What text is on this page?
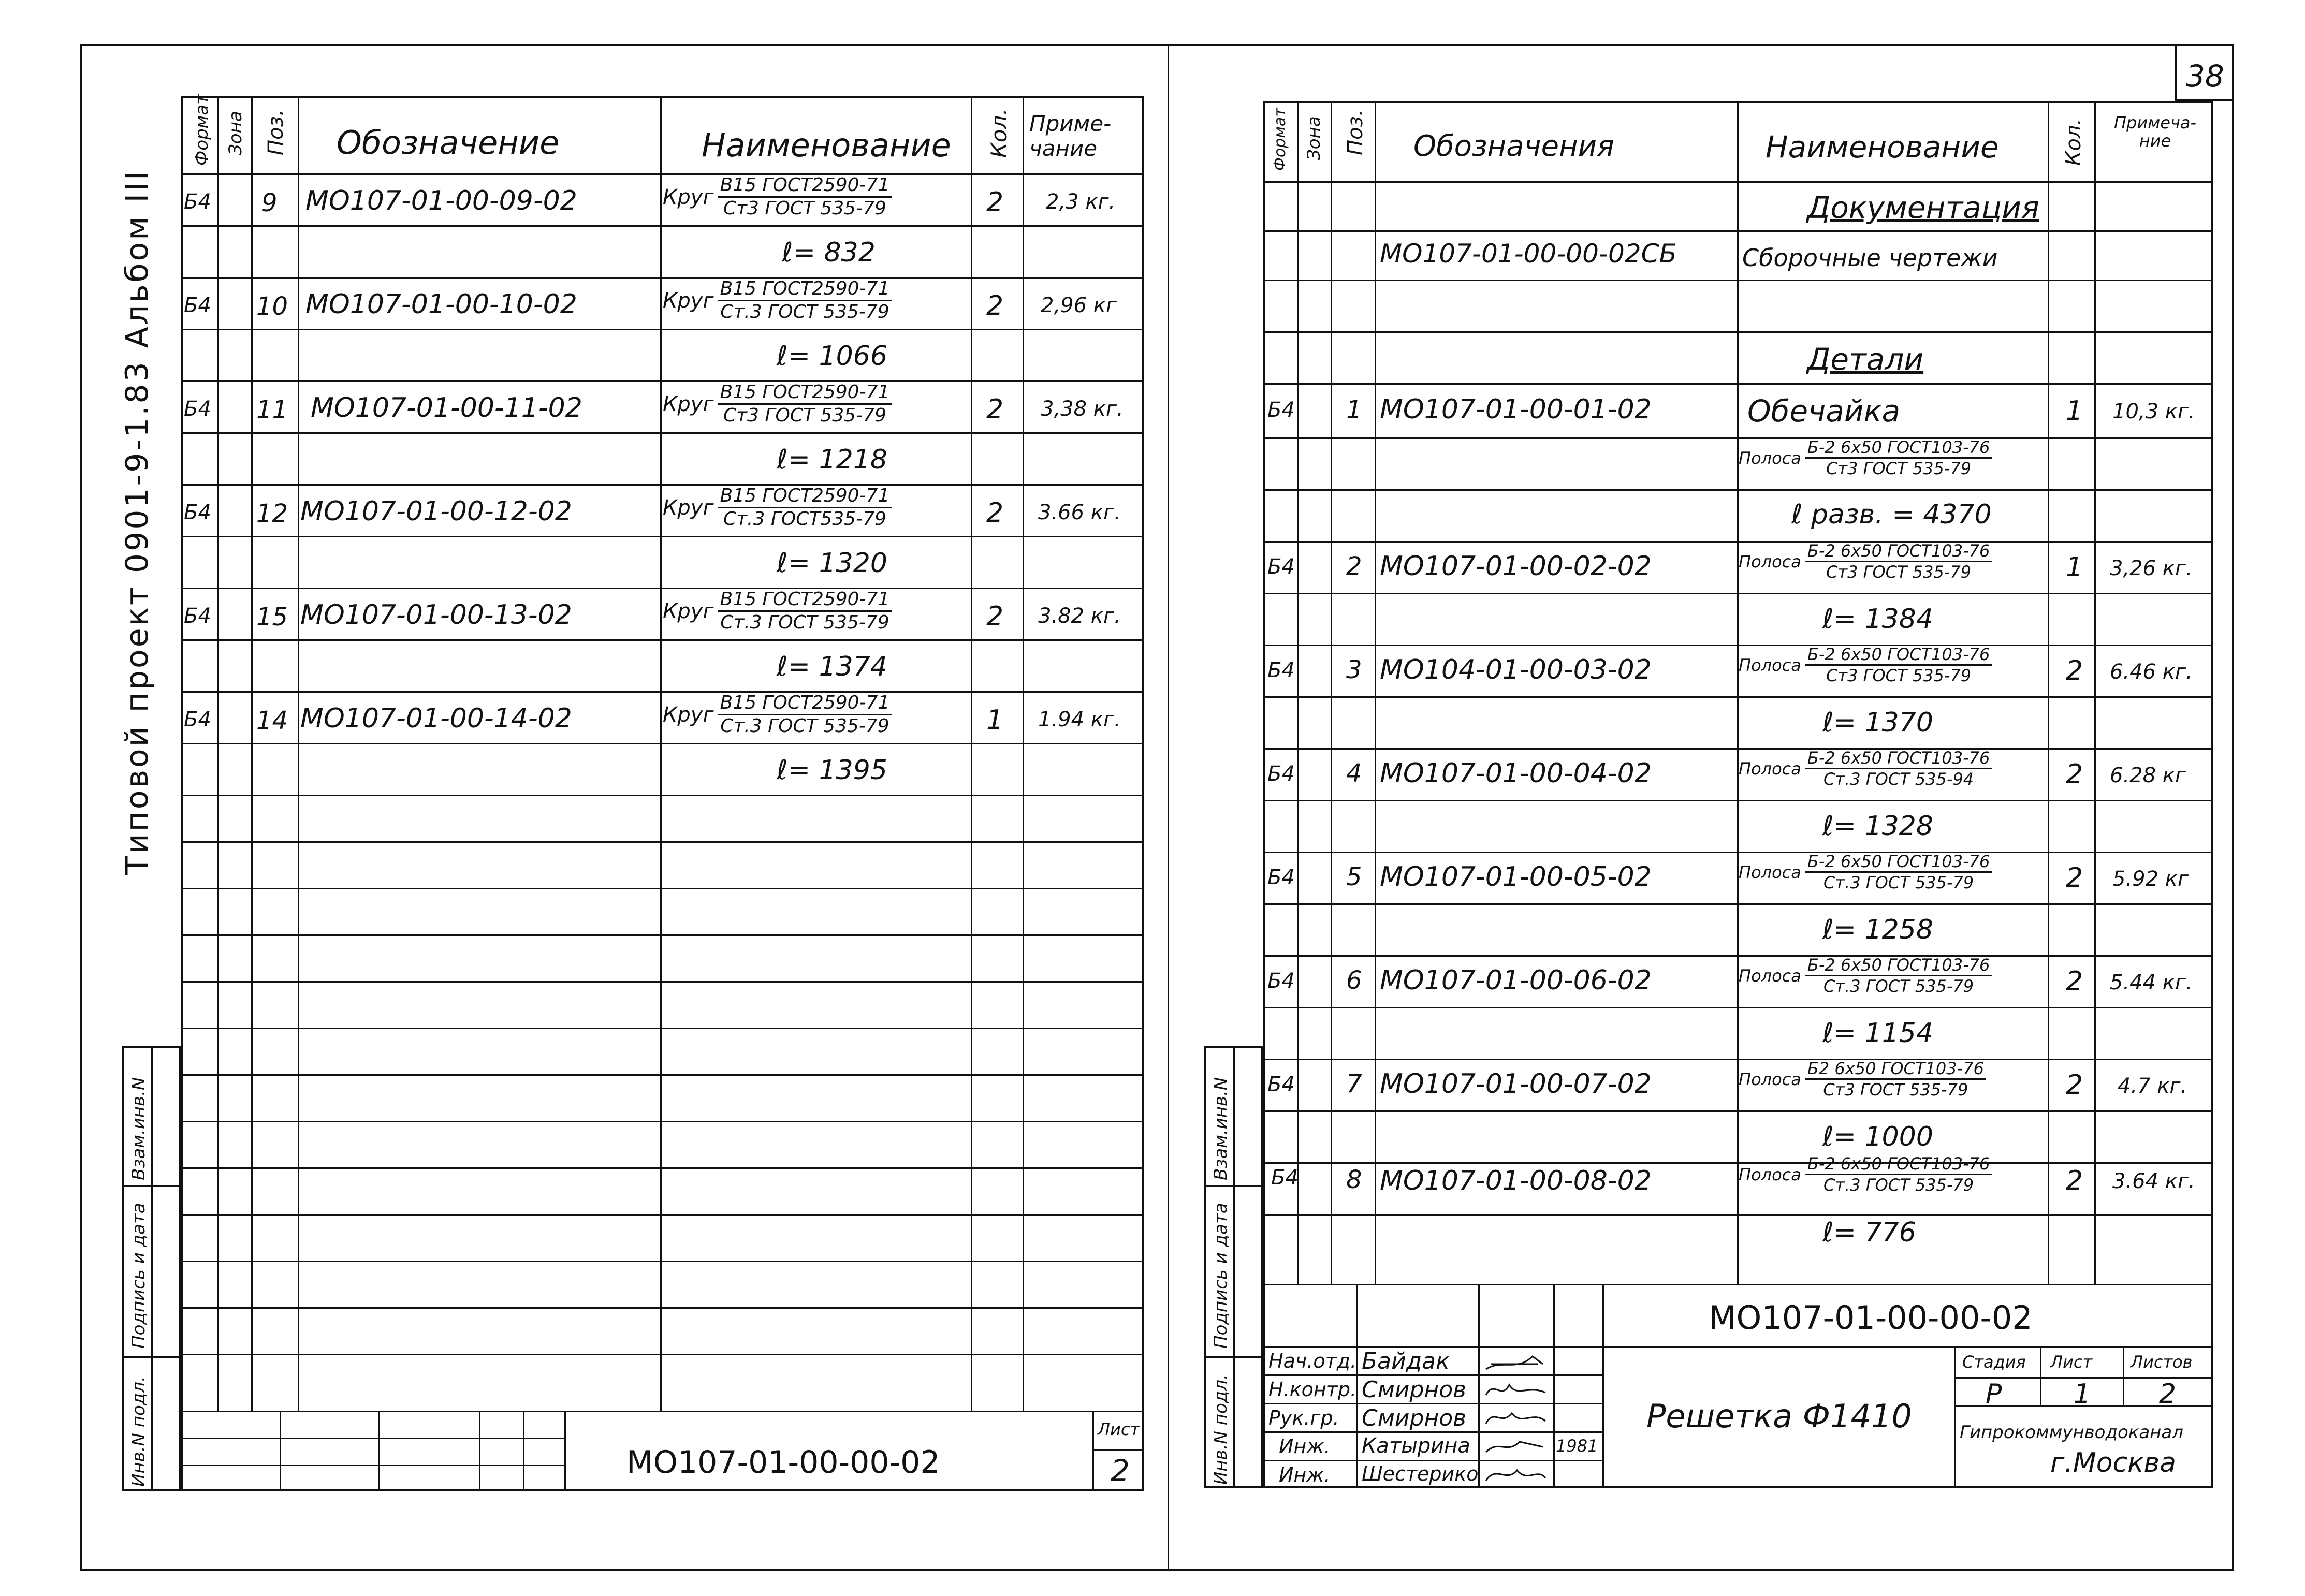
38
Типовой проект 0901-9-1.83 Альбом III
Формат Зона Поз. Обозначение	Наименование Кол. Приме-чание
Б4 9 МО107-01-00-09-02	Круг В15 ГОСТ2590-71
Ст3 ГОСТ 535-79	2 2,3 кг.
ℓ= 832
Б4 10 МО107-01-00-10-02	Круг В15 ГОСТ2590-71
Ст.3 ГОСТ 535-79	2 2,96 кг
ℓ= 1066
Б4 11 МО107-01-00-11-02	Круг В15 ГОСТ2590-71
Ст3 ГОСТ 535-79	2 3,38 кг.
ℓ= 1218
Б4 12 МО107-01-00-12-02	Круг В15 ГОСТ2590-71
Ст.3 ГОСТ535-79	2 3.66 кг.
ℓ= 1320
Б4 15 МО107-01-00-13-02	Круг В15 ГОСТ2590-71
Ст.3 ГОСТ 535-79	2 3.82 кг.
ℓ= 1374
Б4 14 МО107-01-00-14-02	Круг В15 ГОСТ2590-71
Ст.3 ГОСТ 535-79	1 1.94 кг.
ℓ= 1395
МО107-01-00-00-02
Лист
2
Взам.инв.N
Подпись и дата
Инв.N подл.
Формат Зона Поз. Обозначения	Наименование	Кол.	Примеча-ние
Документация
МО107-01-00-00-02СБ	Сборочные чертежи
Детали
Б4 1 МО107-01-00-01-02	Обечайка	1 10,3 кг.
Полоса
Б-2 6х50 ГОСТ103-76
Ст3 ГОСТ 535-79
ℓ разв. = 4370
Б4 2 МО107-01-00-02-02	Полоса
Б-2 6х50 ГОСТ103-76
Ст3 ГОСТ 535-79	1 3,26 кг.
ℓ= 1384
Б4 3 МО104-01-00-03-02	Полоса
Б-2 6х50 ГОСТ103-76
Ст3 ГОСТ 535-79	2 6.46 кг.
ℓ= 1370
Б4 4 МО107-01-00-04-02	Полоса
Б-2 6х50 ГОСТ103-76
Ст.3 ГОСТ 535-94	2 6.28 кг
ℓ= 1328
Б4 5 МО107-01-00-05-02	Полоса
Б-2 6х50 ГОСТ103-76
Ст.3 ГОСТ 535-79	2 5.92 кг
ℓ= 1258
Б4 6 МО107-01-00-06-02	Полоса
Б-2 6х50 ГОСТ103-76
Ст.3 ГОСТ 535-79	2 5.44 кг.
ℓ= 1154
Б4 7 МО107-01-00-07-02	Полоса
Б2 6х50 ГОСТ103-76
Ст3 ГОСТ 535-79	2 4.7 кг.
ℓ= 1000
Б4 8 МО107-01-00-08-02	Полоса
Б-2 6х50 ГОСТ103-76
Ст.3 ГОСТ 535-79	2 3.64 кг.
ℓ= 776
МО107-01-00-00-02
Решетка Ф1410
Стадия Лист Листов
Р	1	2
Гипрокоммунводоканал
г.Москва
1981
Нач.отд. Байдак
Н.контр. Смирнов
Рук.гр. Смирнов
Инж. Катырина
Инж. Шестерико
Взам.инв.N
Подпись и дата
Инв.N подл.
